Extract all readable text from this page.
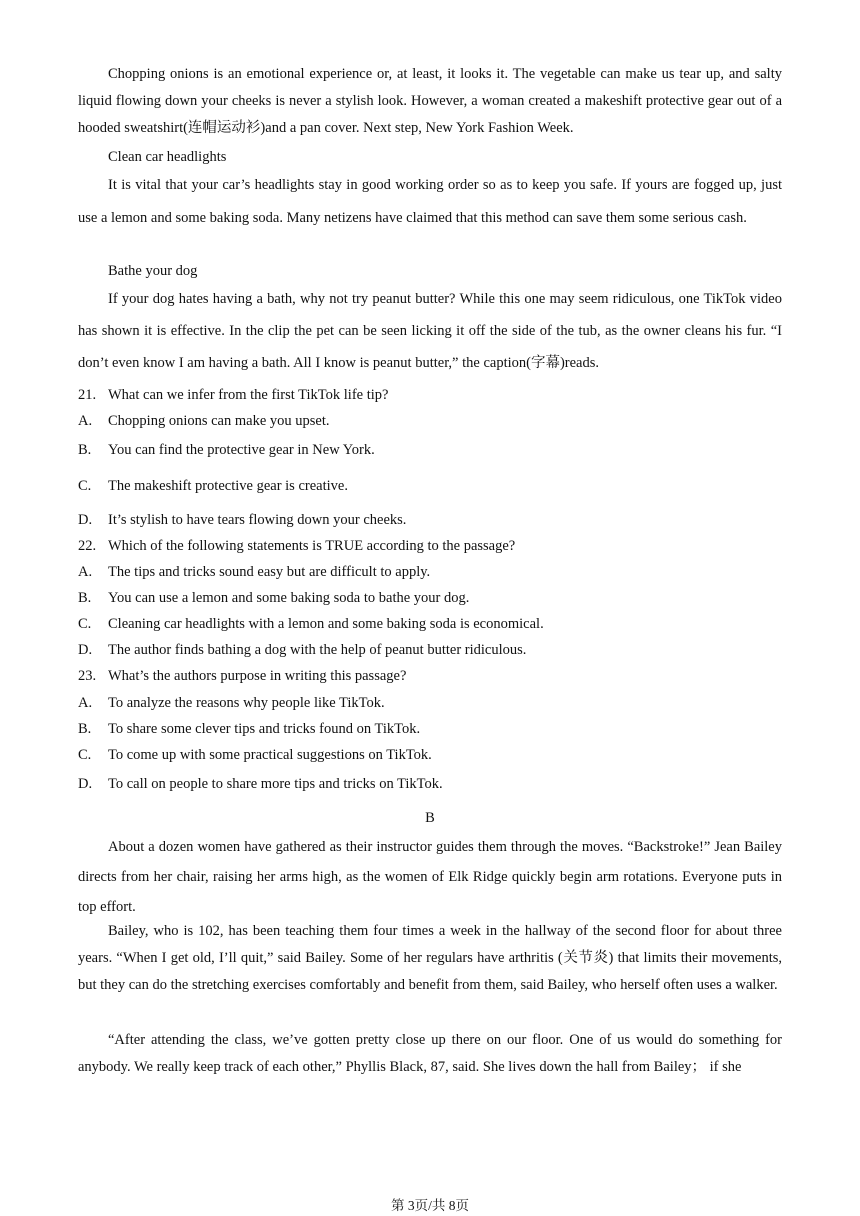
Chopping onions is an emotional experience or, at least, it looks it. The vegetable can make us tear up, and salty liquid flowing down your cheeks is never a stylish look. However, a woman created a makeshift protective gear out of a hooded sweatshirt(连帽运动衫)and a pan cover. Next step, New York Fashion Week.

Clean car headlights

It is vital that your car’s headlights stay in good working order so as to keep you safe. If yours are fogged up, just use a lemon and some baking soda. Many netizens have claimed that this method can save them some serious cash.

Bathe your dog

If your dog hates having a bath, why not try peanut butter? While this one may seem ridiculous, one TikTok video has shown it is effective. In the clip the pet can be seen licking it off the side of the tub, as the owner cleans his fur. “I don’t even know I am having a bath. All I know is peanut butter,” the caption(字幕)reads.

21. What can we infer from the first TikTok life tip?
A.	Chopping onions can make you upset.
B.	You can find the protective gear in New York.
C.	The makeshift protective gear is creative.
D.	It’s stylish to have tears flowing down your cheeks.
22. Which of the following statements is TRUE according to the passage?
A.	The tips and tricks sound easy but are difficult to apply.
B.	You can use a lemon and some baking soda to bathe your dog.
C.	Cleaning car headlights with a lemon and some baking soda is economical.
D.	The author finds bathing a dog with the help of peanut butter ridiculous.
23. What’s the authors purpose in writing this passage?
A.	To analyze the reasons why people like TikTok.
B.	To share some clever tips and tricks found on TikTok.
C.	To come up with some practical suggestions on TikTok.
D.	To call on people to share more tips and tricks on TikTok.
B

About a dozen women have gathered as their instructor guides them through the moves. “Backstroke!” Jean Bailey directs from her chair, raising her arms high, as the women of Elk Ridge quickly begin arm rotations. Everyone puts in top effort.

Bailey, who is 102, has been teaching them four times a week in the hallway of the second floor for about three years. “When I get old, I’ll quit,” said Bailey. Some of her regulars have arthritis (关节炎) that limits their movements, but they can do the stretching exercises comfortably and benefit from them, said Bailey, who herself often uses a walker.

“After attending the class, we’ve gotten pretty close up there on our floor. One of us would do something for anybody. We really keep track of each other,” Phyllis Black, 87, said. She lives down the hall from Bailey； if she

第 3页/共 8页
